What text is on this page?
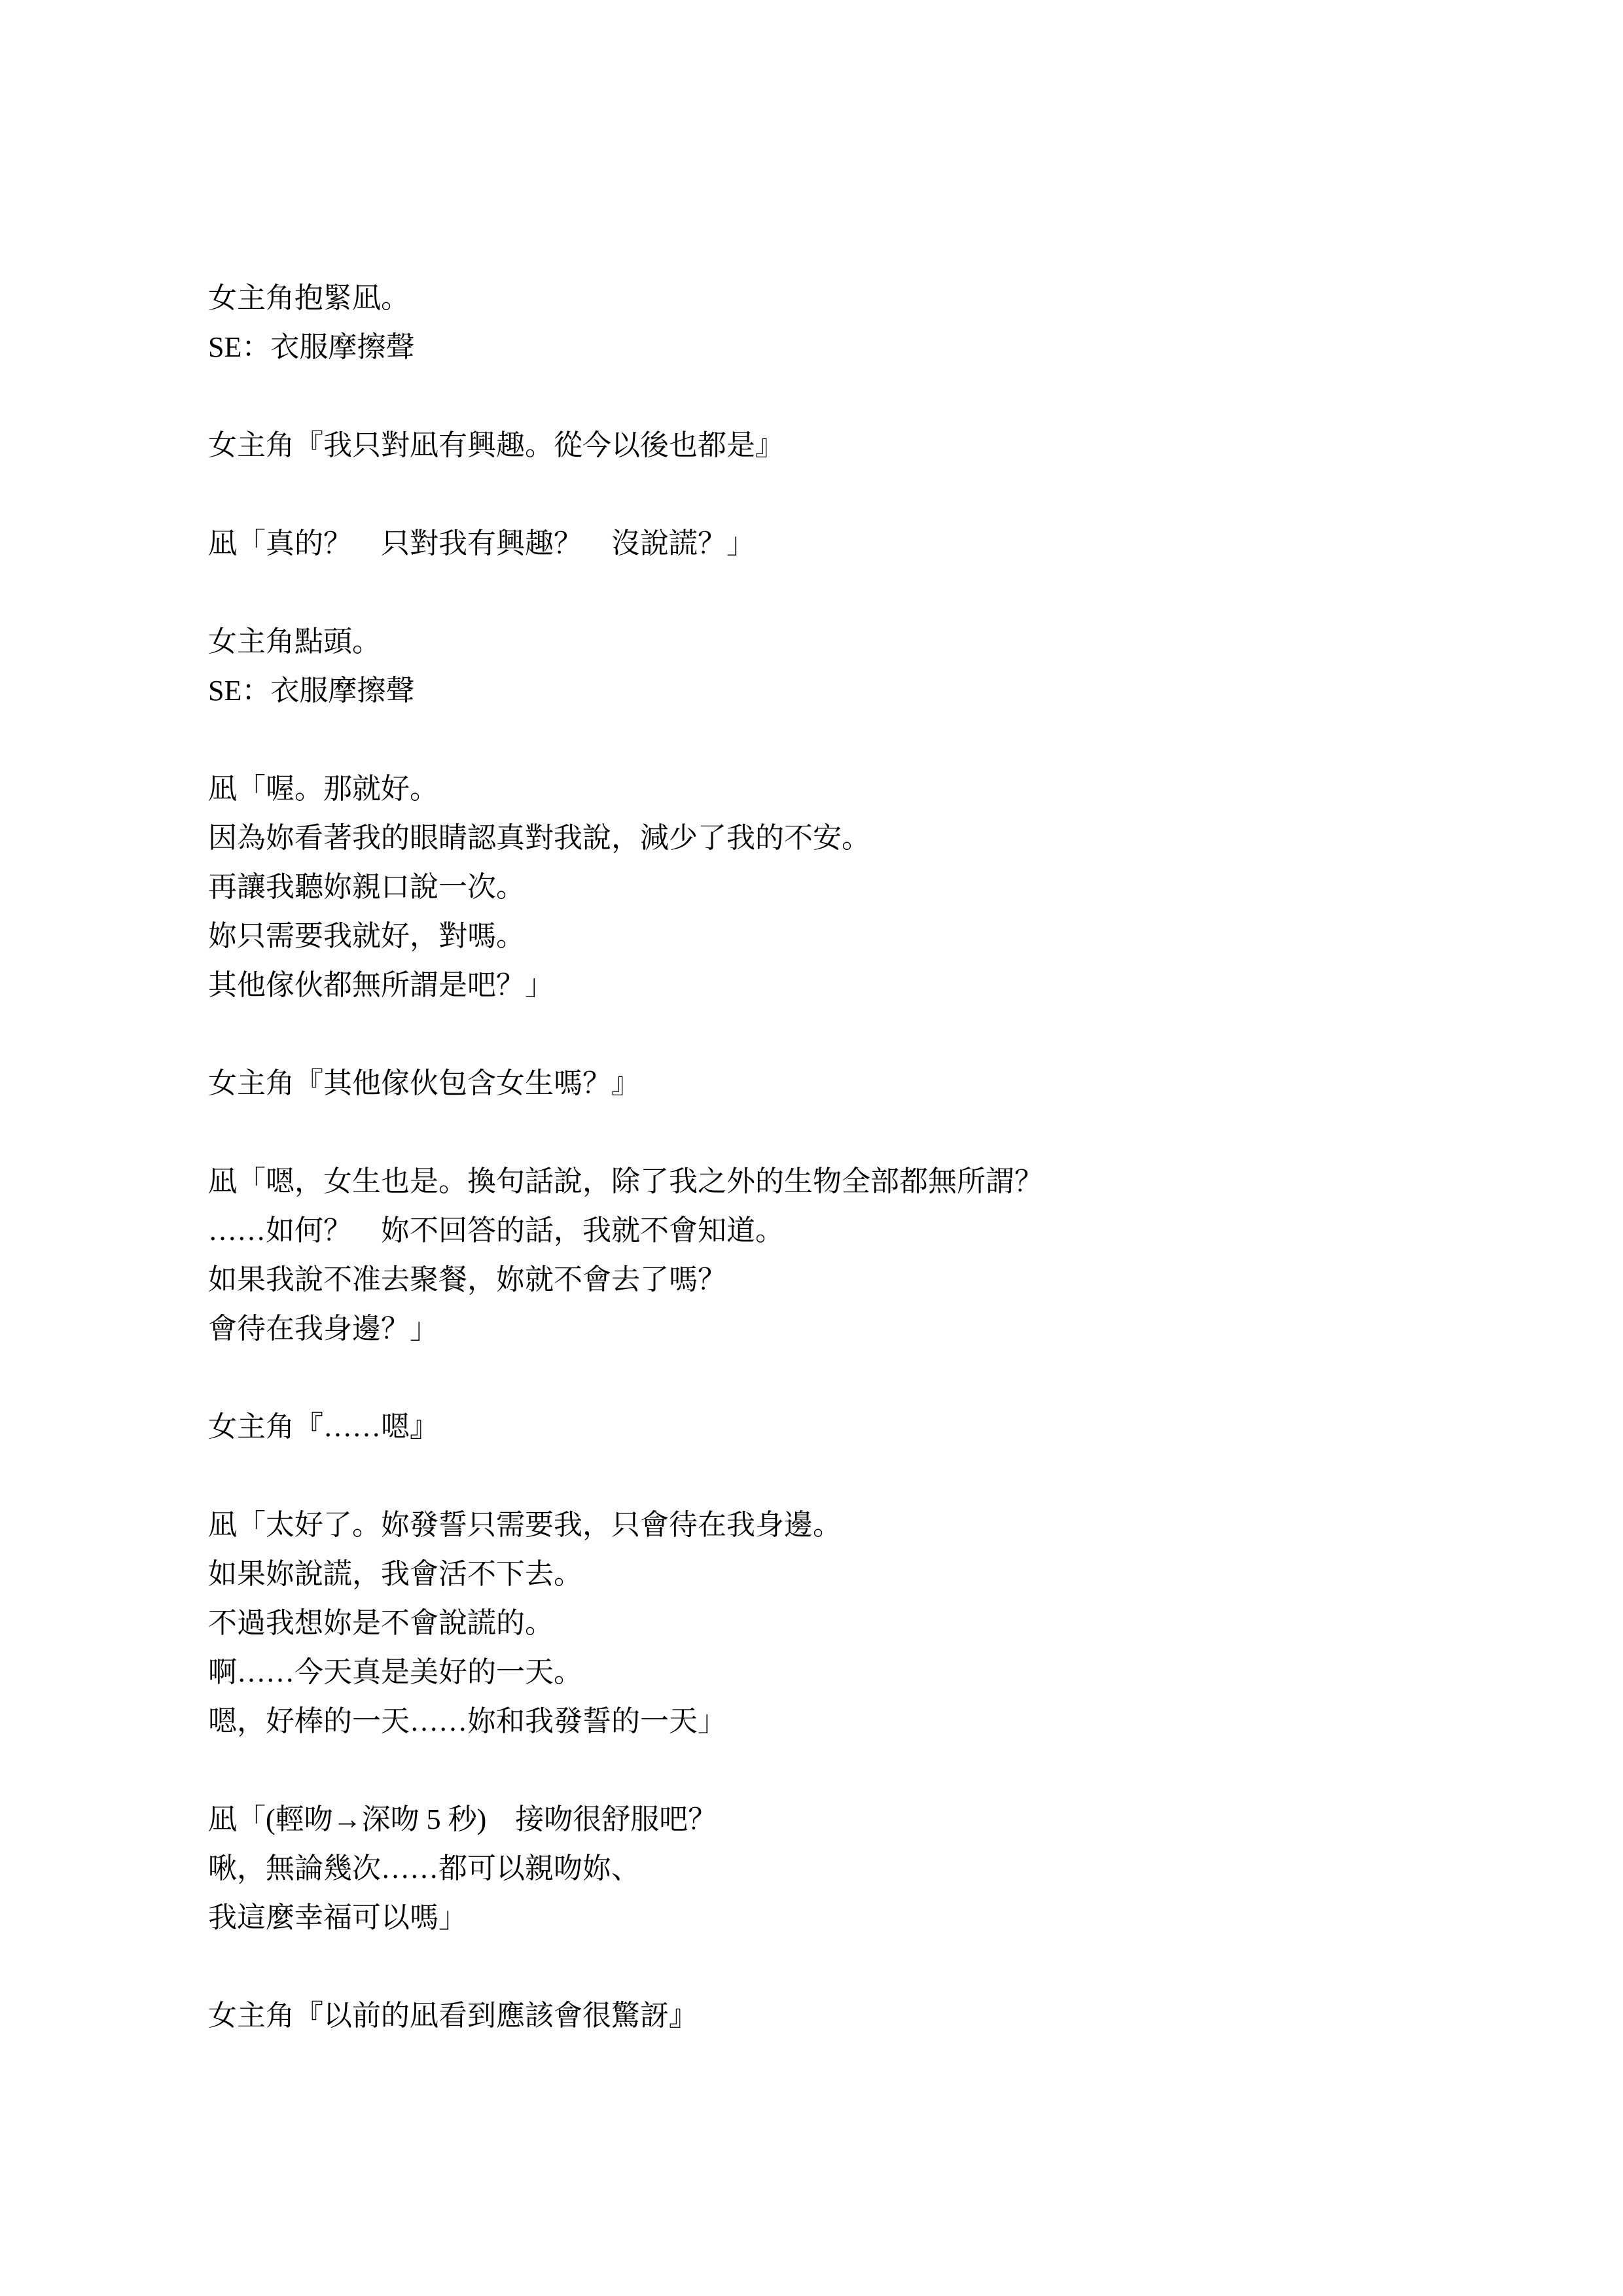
女主角抱緊凪。
SE：衣服摩擦聲
女主角『我只對凪有興趣。從今以後也都是』
凪「真的？　只對我有興趣？　沒說謊？」
女主角點頭。
SE：衣服摩擦聲
凪「喔。那就好。
因為妳看著我的眼睛認真對我說，減少了我的不安。
再讓我聽妳親口說一次。
妳只需要我就好，對嗎。
其他傢伙都無所謂是吧？」
女主角『其他傢伙包含女生嗎？』
凪「嗯，女生也是。換句話說，除了我之外的生物全部都無所謂？
……如何？　妳不回答的話，我就不會知道。
如果我說不准去聚餐，妳就不會去了嗎？
會待在我身邊？」
女主角『……嗯』
凪「太好了。妳發誓只需要我，只會待在我身邊。
如果妳說謊，我會活不下去。
不過我想妳是不會說謊的。
啊……今天真是美好的一天。
嗯，好棒的一天……妳和我發誓的一天」
凪「(輕吻→深吻 5 秒)　接吻很舒服吧？
啾，無論幾次……都可以親吻妳、
我這麼幸福可以嗎」
女主角『以前的凪看到應該會很驚訝』
